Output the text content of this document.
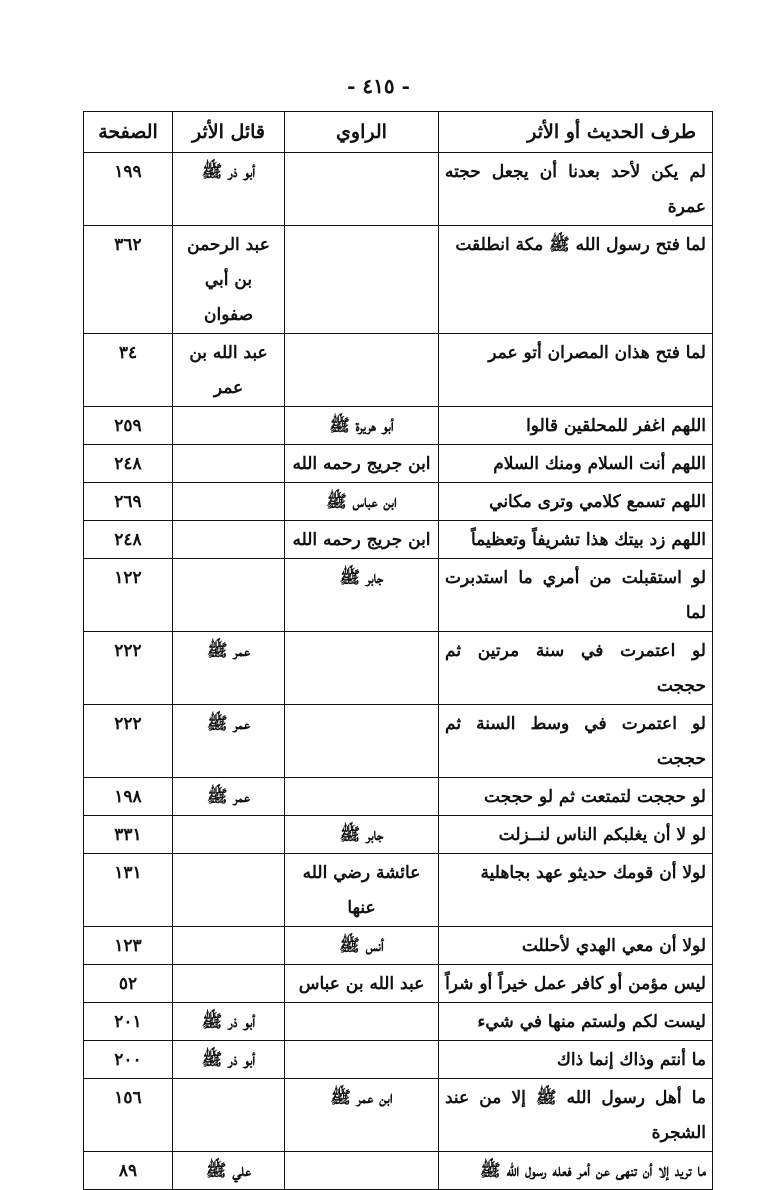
- ٤١٥ -
طرف الحديث أو الأثر	الراوي	قائل الأثر	الصفحة
لم يكن لأحد بعدنا أن يجعل حجته عمرة		أبو ذر ﷺ	١٩٩
لما فتح رسول الله ﷺ مكة انطلقت		عبد الرحمن بن أبي صفوان	٣٦٢
لما فتح هذان المصران أتو عمر		عبد الله بن عمر	٣٤
اللهم اغفر للمحلقين قالوا	أبو هريرة ﷺ		٢٥٩
اللهم أنت السلام ومنك السلام	ابن جريج رحمه الله		٢٤٨
اللهم تسمع كلامي وترى مكاني	ابن عباس ﷺ		٢٦٩
اللهم زد بيتك هذا تشريفاً وتعظيماً	ابن جريج رحمه الله		٢٤٨
لو استقبلت من أمري ما استدبرت لما	جابر ﷺ		١٢٢
لو اعتمرت في سنة مرتين ثم حججت		عمر ﷺ	٢٢٢
لو اعتمرت في وسط السنة ثم حججت		عمر ﷺ	٢٢٢
لو حججت لتمتعت ثم لو حججت		عمر ﷺ	١٩٨
لو لا أن يغلبكم الناس لنــزلت	جابر ﷺ		٣٣١
لولا أن قومك حديثو عهد بجاهلية	عائشة رضي الله عنها		١٣١
لولا أن معي الهدي لأحللت	أنس ﷺ		١٢٣
ليس مؤمن أو كافر عمل خيراً أو شراً	عبد الله بن عباس		٥٢
ليست لكم ولستم منها في شيء		أبو ذر ﷺ	٢٠١
ما أنتم وذاك إنما ذاك		أبو ذر ﷺ	٢٠٠
ما أهل رسول الله ﷺ إلا من عند الشجرة	ابن عمر ﷺ		١٥٦
ما تريد إلا أن تنهى عن أمر فعله رسول الله ﷺ		علي ﷺ	٨٩
